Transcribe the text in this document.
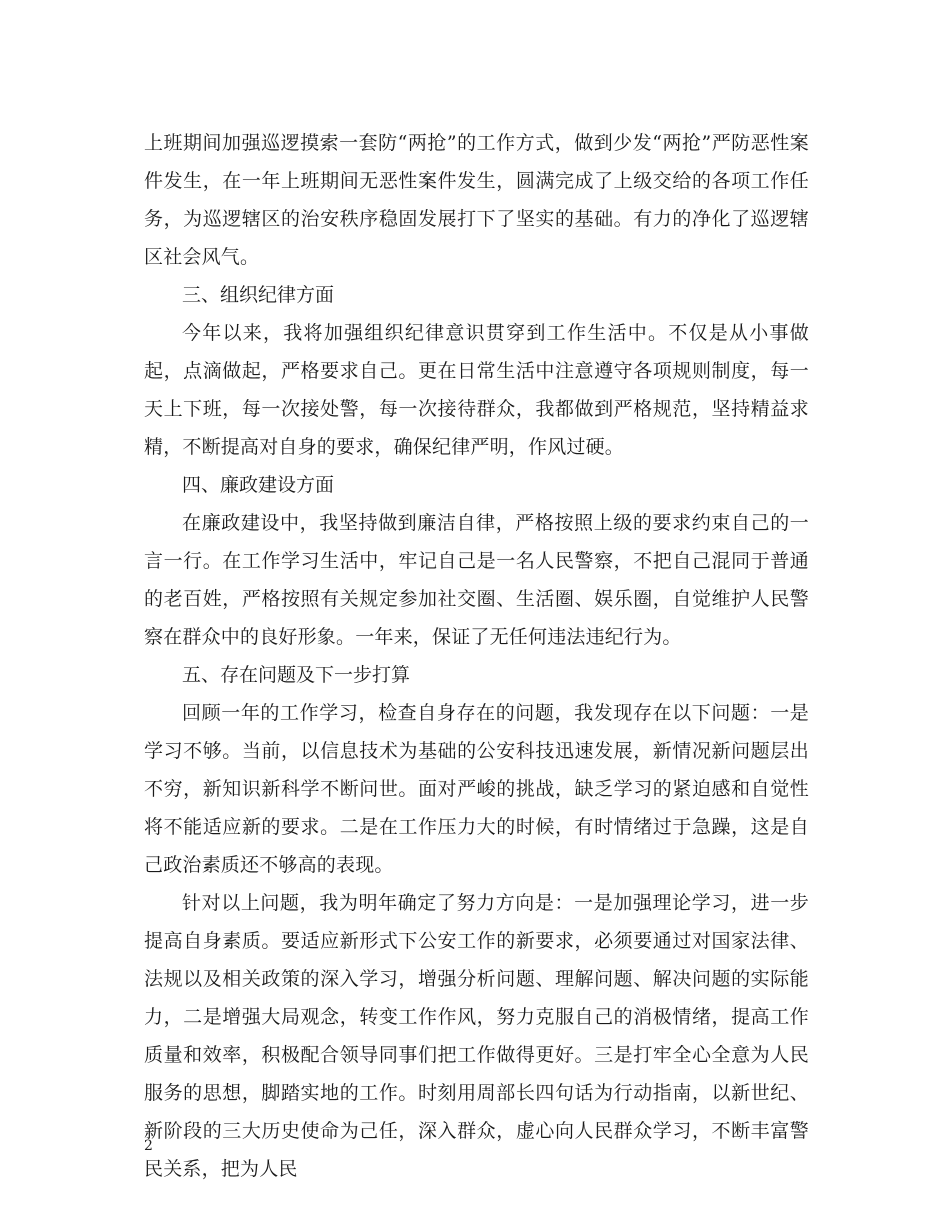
上班期间加强巡逻摸索一套防“两抢”的工作方式，做到少发“两抢”严防恶性案件发生，在一年上班期间无恶性案件发生，圆满完成了上级交给的各项工作任务，为巡逻辖区的治安秩序稳固发展打下了坚实的基础。有力的净化了巡逻辖区社会风气。

三、组织纪律方面

今年以来，我将加强组织纪律意识贯穿到工作生活中。不仅是从小事做起，点滴做起，严格要求自己。更在日常生活中注意遵守各项规则制度，每一天上下班，每一次接处警，每一次接待群众，我都做到严格规范，坚持精益求精，不断提高对自身的要求，确保纪律严明，作风过硬。

四、廉政建设方面

在廉政建设中，我坚持做到廉洁自律，严格按照上级的要求约束自己的一言一行。在工作学习生活中，牢记自己是一名人民警察，不把自己混同于普通的老百姓，严格按照有关规定参加社交圈、生活圈、娱乐圈，自觉维护人民警察在群众中的良好形象。一年来，保证了无任何违法违纪行为。

五、存在问题及下一步打算

回顾一年的工作学习，检查自身存在的问题，我发现存在以下问题：一是学习不够。当前，以信息技术为基础的公安科技迅速发展，新情况新问题层出不穷，新知识新科学不断问世。面对严峻的挑战，缺乏学习的紧迫感和自觉性将不能适应新的要求。二是在工作压力大的时候，有时情绪过于急躁，这是自己政治素质还不够高的表现。

针对以上问题，我为明年确定了努力方向是：一是加强理论学习，进一步提高自身素质。要适应新形式下公安工作的新要求，必须要通过对国家法律、法规以及相关政策的深入学习，增强分析问题、理解问题、解决问题的实际能力，二是增强大局观念，转变工作作风，努力克服自己的消极情绪，提高工作质量和效率，积极配合领导同事们把工作做得更好。三是打牢全心全意为人民服务的思想，脚踏实地的工作。时刻用周部长四句话为行动指南，以新世纪、新阶段的三大历史使命为己任，深入群众，虚心向人民群众学习，不断丰富警民关系，把为人民

2
